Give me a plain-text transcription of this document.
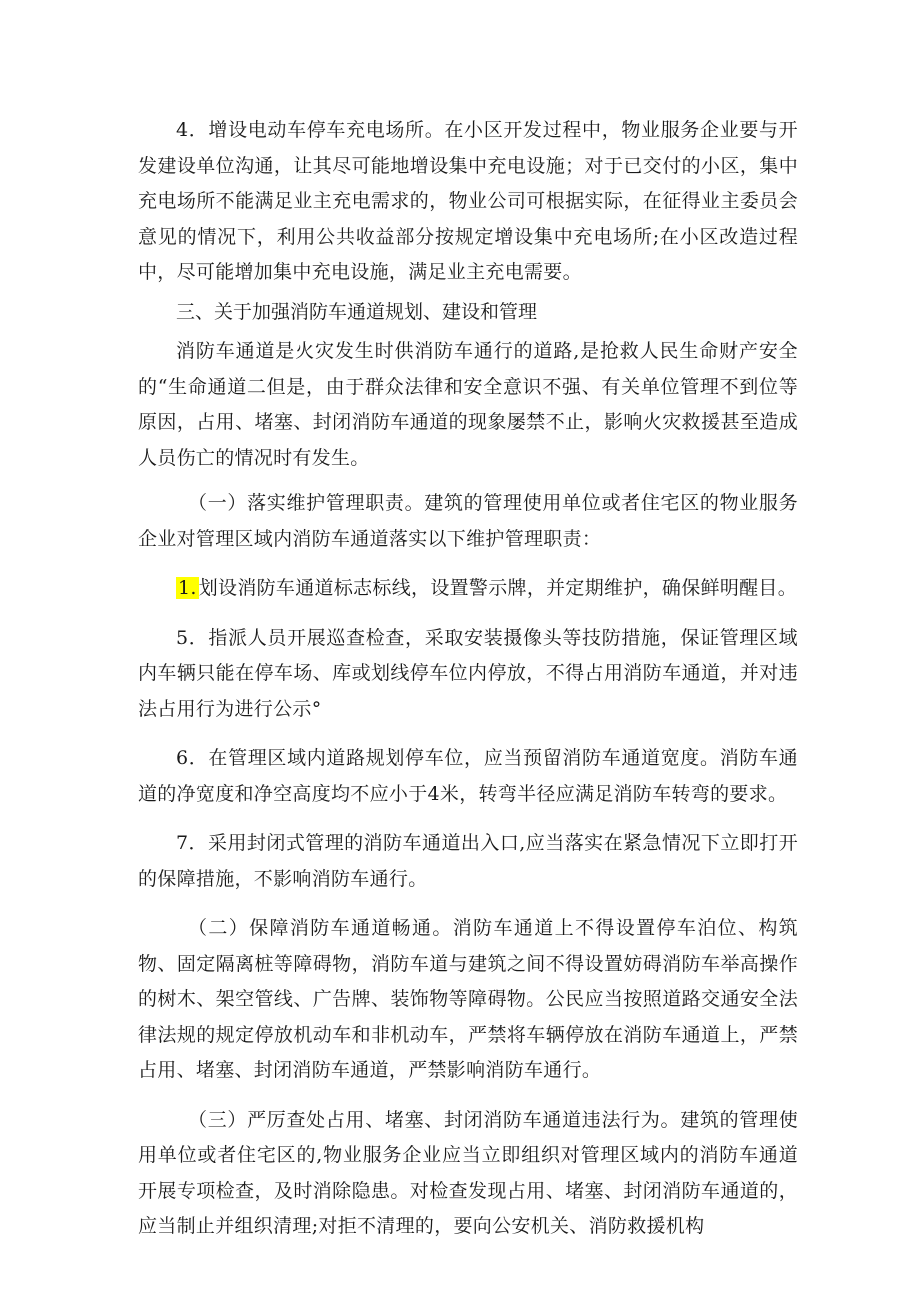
4．增设电动车停车充电场所。在小区开发过程中，物业服务企业要与开发建设单位沟通，让其尽可能地增设集中充电设施；对于已交付的小区，集中充电场所不能满足业主充电需求的，物业公司可根据实际，在征得业主委员会意见的情况下，利用公共收益部分按规定增设集中充电场所;在小区改造过程中，尽可能增加集中充电设施，满足业主充电需要。

三、关于加强消防车通道规划、建设和管理

消防车通道是火灾发生时供消防车通行的道路,是抢救人民生命财产安全的“生命通道二但是，由于群众法律和安全意识不强、有关单位管理不到位等原因，占用、堵塞、封闭消防车通道的现象屡禁不止，影响火灾救援甚至造成人员伤亡的情况时有发生。

（一）落实维护管理职责。建筑的管理使用单位或者住宅区的物业服务企业对管理区域内消防车通道落实以下维护管理职责：

1. 划设消防车通道标志标线，设置警示牌，并定期维护，确保鲜明醒目。

5．指派人员开展巡查检查，采取安装摄像头等技防措施，保证管理区域内车辆只能在停车场、库或划线停车位内停放，不得占用消防车通道，并对违法占用行为进行公示°

6．在管理区域内道路规划停车位，应当预留消防车通道宽度。消防车通道的净宽度和净空高度均不应小于4米，转弯半径应满足消防车转弯的要求。

7．采用封闭式管理的消防车通道出入口,应当落实在紧急情况下立即打开的保障措施，不影响消防车通行。

（二）保障消防车通道畅通。消防车通道上不得设置停车泊位、构筑物、固定隔离桩等障碍物，消防车道与建筑之间不得设置妨碍消防车举高操作的树木、架空管线、广告牌、装饰物等障碍物。公民应当按照道路交通安全法律法规的规定停放机动车和非机动车，严禁将车辆停放在消防车通道上，严禁占用、堵塞、封闭消防车通道，严禁影响消防车通行。

（三）严厉查处占用、堵塞、封闭消防车通道违法行为。建筑的管理使用单位或者住宅区的,物业服务企业应当立即组织对管理区域内的消防车通道开展专项检查，及时消除隐患。对检查发现占用、堵塞、封闭消防车通道的，应当制止并组织清理;对拒不清理的，要向公安机关、消防救援机构
